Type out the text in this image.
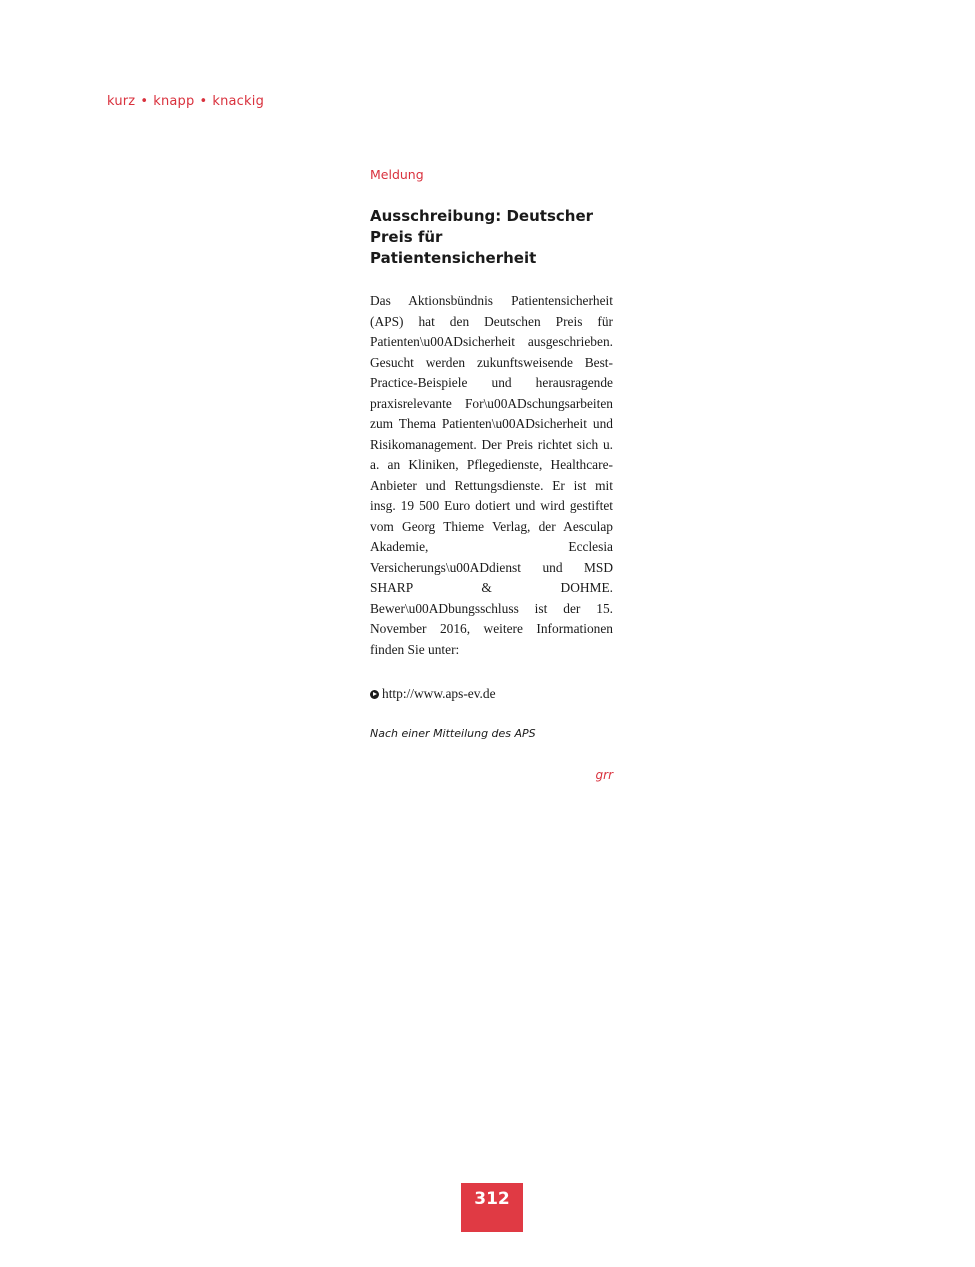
kurz • knapp • knackig

Meldung

Ausschreibung: Deutscher Preis für Patientensicherheit

Das Aktionsbündnis Patientensicherheit (APS) hat den Deutschen Preis für Patienten\u00ADsicherheit ausgeschrieben. Gesucht werden zukunftsweisende Best-Practice-Beispiele und herausragende praxisrelevante For\u00ADschungsarbeiten zum Thema Patienten\u00ADsicherheit und Risikomanagement. Der Preis richtet sich u. a. an Kliniken, Pflegedienste, Healthcare-Anbieter und Rettungsdienste. Er ist mit insg. 19 500 Euro dotiert und wird gestiftet vom Georg Thieme Verlag, der Aesculap Akademie, Ecclesia Versicherungs\u00ADdienst und MSD SHARP & DOHME. Bewer\u00ADbungsschluss ist der 15. November 2016, weitere Informationen finden Sie unter:

http://www.aps-ev.de
Nach einer Mitteilung des APS
grr
312
